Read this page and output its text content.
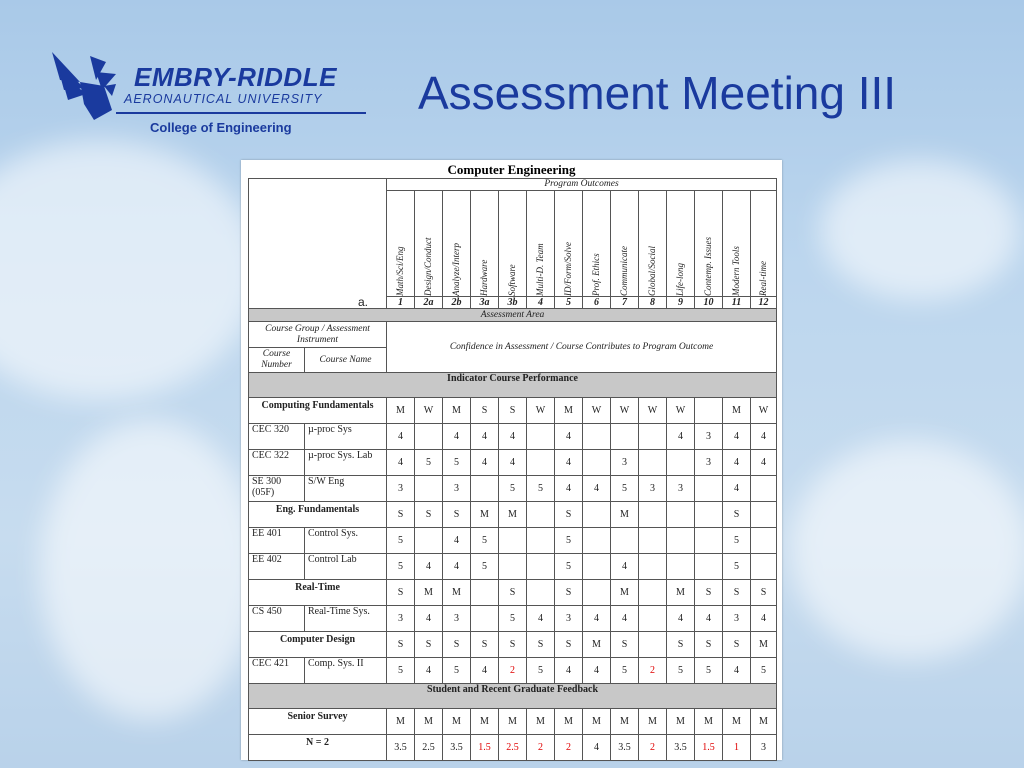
EMBRY-RIDDLE
AERONAUTICAL UNIVERSITY
College of Engineering
Assessment Meeting III
Computer Engineering
a.		Program Outcomes													

		Math/Sci/Eng	Design/Conduct	Analyze/Interp	Hardware	Software	Multi-D. Team	ID/Form/Solve	Prof. Ethics	Communicate	Global/Social	Life-long	Contemp. Issues	Modern Tools	Real-time

		1	2a	2b	3a	3b	4	5	6	7	8	9	10	11	12
Assessment Area															
Course Group / Assessment Instrument		Confidence in Assessment / Course Contributes to Program Outcome													
Course Number	Course Name														
Indicator Course Performance															
Computing Fundamentals		M	W	M	S	S	W	M	W	W	W	W		M	W
CEC 320	µ-proc Sys	4		4	4	4		4				4	3	4	4
CEC 322	µ-proc Sys. Lab	4	5	5	4	4		4		3			3	4	4
SE 300 (05F)	S/W Eng	3		3		5	5	4	4	5	3	3		4	
Eng. Fundamentals		S	S	S	M	M		S		M				S	
EE 401	Control Sys.	5		4	5			5						5	
EE 402	Control Lab	5	4	4	5			5		4				5	
Real-Time		S	M	M		S		S		M		M	S	S	S
CS 450	Real-Time Sys.	3	4	3		5	4	3	4	4		4	4	3	4
Computer Design		S	S	S	S	S	S	S	M	S		S	S	S	M
CEC 421	Comp. Sys. II	5	4	5	4	2	5	4	4	5	2	5	5	4	5
Student and Recent Graduate Feedback															
Senior Survey		M	M	M	M	M	M	M	M	M	M	M	M	M	M
N = 2		3.5	2.5	3.5	1.5	2.5	2	2	4	3.5	2	3.5	1.5	1	3
